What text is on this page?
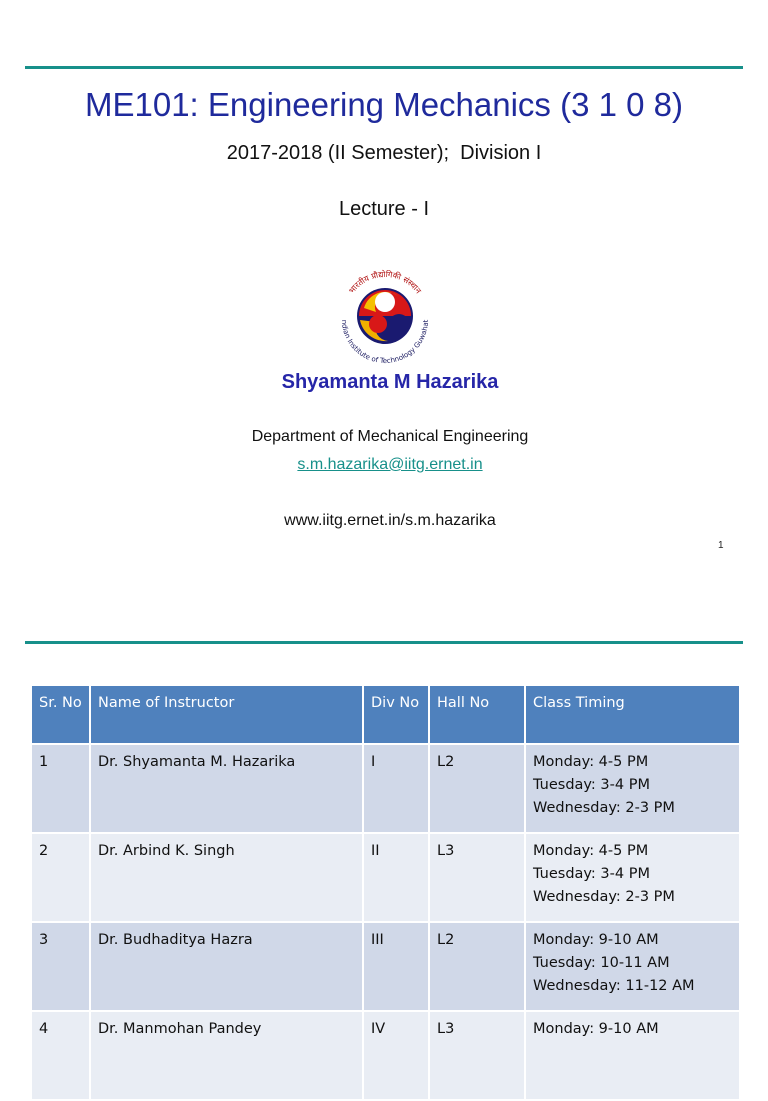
ME101: Engineering Mechanics (3 1 0 8)
2017-2018 (II Semester);  Division I
Lecture - I
भारतीय प्रौद्योगिकी संस्थान
ndian Institute of Technology Guwahat
Shyamanta M Hazarika
Department of Mechanical Engineering
s.m.hazarika@iitg.ernet.in
www.iitg.ernet.in/s.m.hazarika
1
Sr. No	Name of Instructor	Div No	Hall No	Class Timing
1	Dr. Shyamanta M. Hazarika	I	L2	Monday: 4-5 PM
Tuesday: 3-4 PM
Wednesday: 2-3 PM

2	Dr. Arbind K. Singh	II	L3	Monday: 4-5 PM
Tuesday: 3-4 PM
Wednesday: 2-3 PM

3	Dr. Budhaditya Hazra	III	L2	Monday: 9-10 AM
Tuesday: 10-11 AM
Wednesday: 11-12 AM

4	Dr. Manmohan Pandey	IV	L3	Monday: 9-10 AM
